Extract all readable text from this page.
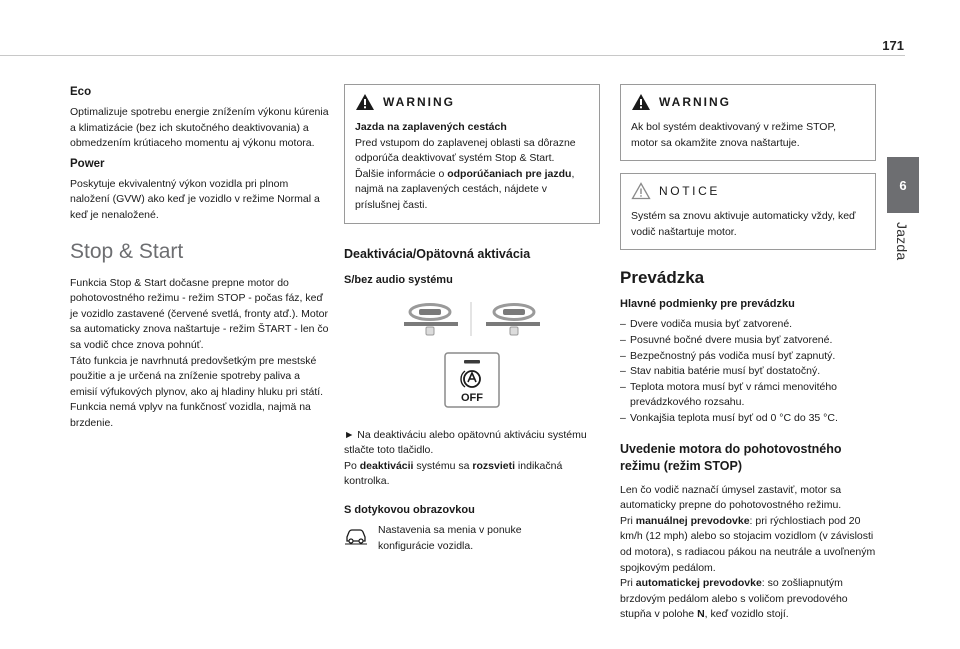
171
6
Jazda
Eco

Optimalizuje spotrebu energie znížením výkonu kúrenia a klimatizácie (bez ich skutočného deaktivovania) a obmedzením krútiaceho momentu aj výkonu motora.

Power

Poskytuje ekvivalentný výkon vozidla pri plnom naložení (GVW) ako keď je vozidlo v režime Normal a keď je nenaložené.

Stop & Start

Funkcia Stop & Start dočasne prepne motor do pohotovostného režimu - režim STOP - počas fáz, keď je vozidlo zastavené (červené svetlá, fronty atď.). Motor sa automaticky znova naštartuje - režim ŠTART - len čo sa vodič chce znova pohnúť.

Táto funkcia je navrhnutá predovšetkým pre mestské použitie a je určená na zníženie spotreby paliva a emisií výfukových plynov, ako aj hladiny hluku pri státí.

Funkcia nemá vplyv na funkčnosť vozidla, najmä na brzdenie.

WARNING

Jazda na zaplavených cestách

Pred vstupom do zaplavenej oblasti sa dôrazne odporúča deaktivovať systém Stop & Start.

Ďalšie informácie o odporúčaniach pre jazdu, najmä na zaplavených cestách, nájdete v príslušnej časti.

Deaktivácia/Opätovná aktivácia
S/bez audio systému
OFF

► Na deaktiváciu alebo opätovnú aktiváciu systému stlačte toto tlačidlo.

Po deaktivácii systému sa rozsvieti indikačná kontrolka.

S dotykovou obrazovkou

Nastavenia sa menia v ponuke konfigurácie vozidla.

WARNING

Ak bol systém deaktivovaný v režime STOP, motor sa okamžite znova naštartuje.

NOTICE

Systém sa znovu aktivuje automaticky vždy, keď vodič naštartuje motor.

Prevádzka
Hlavné podmienky pre prevádzku
– Dvere vodiča musia byť zatvorené.
– Posuvné bočné dvere musia byť zatvorené.
– Bezpečnostný pás vodiča musí byť zapnutý.
– Stav nabitia batérie musí byť dostatočný.
– Teplota motora musí byť v rámci menovitého prevádzkového rozsahu.
– Vonkajšia teplota musí byť od 0 °C do 35 °C.
Uvedenie motora do pohotovostného režimu (režim STOP)

Len čo vodič naznačí úmysel zastaviť, motor sa automaticky prepne do pohotovostného režimu.

Pri manuálnej prevodovke: pri rýchlostiach pod 20 km/h (12 mph) alebo so stojacim vozidlom (v závislosti od motora), s radiacou pákou na neutrále a uvoľneným spojkovým pedálom.

Pri automatickej prevodovke: so zošliapnutým brzdovým pedálom alebo s voličom prevodového stupňa v polohe N, keď vozidlo stojí.
